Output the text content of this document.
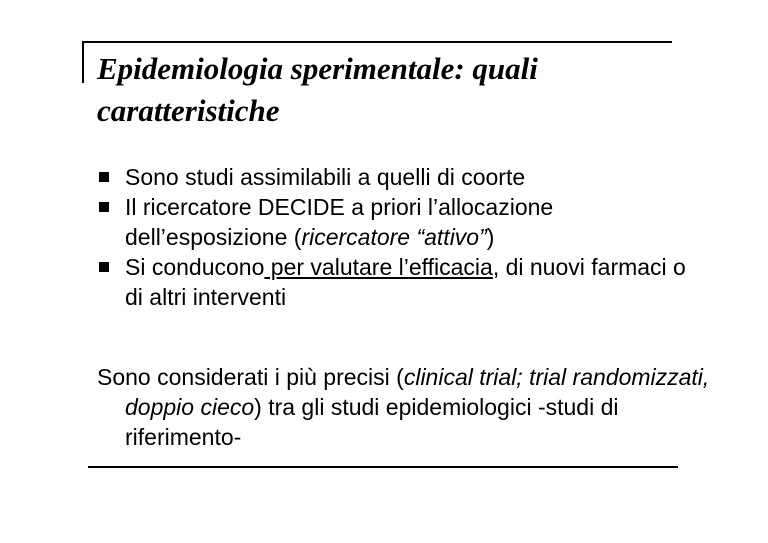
Epidemiologia sperimentale: quali caratteristiche
Sono studi assimilabili a quelli di coorte
Il ricercatore DECIDE a priori l’allocazione dell’esposizione (ricercatore “attivo”)
Si conducono per valutare l’efficacia, di nuovi farmaci o di altri interventi

Sono considerati i più precisi (clinical trial; trial randomizzati, doppio cieco) tra gli studi epidemiologici -studi di riferimento-
